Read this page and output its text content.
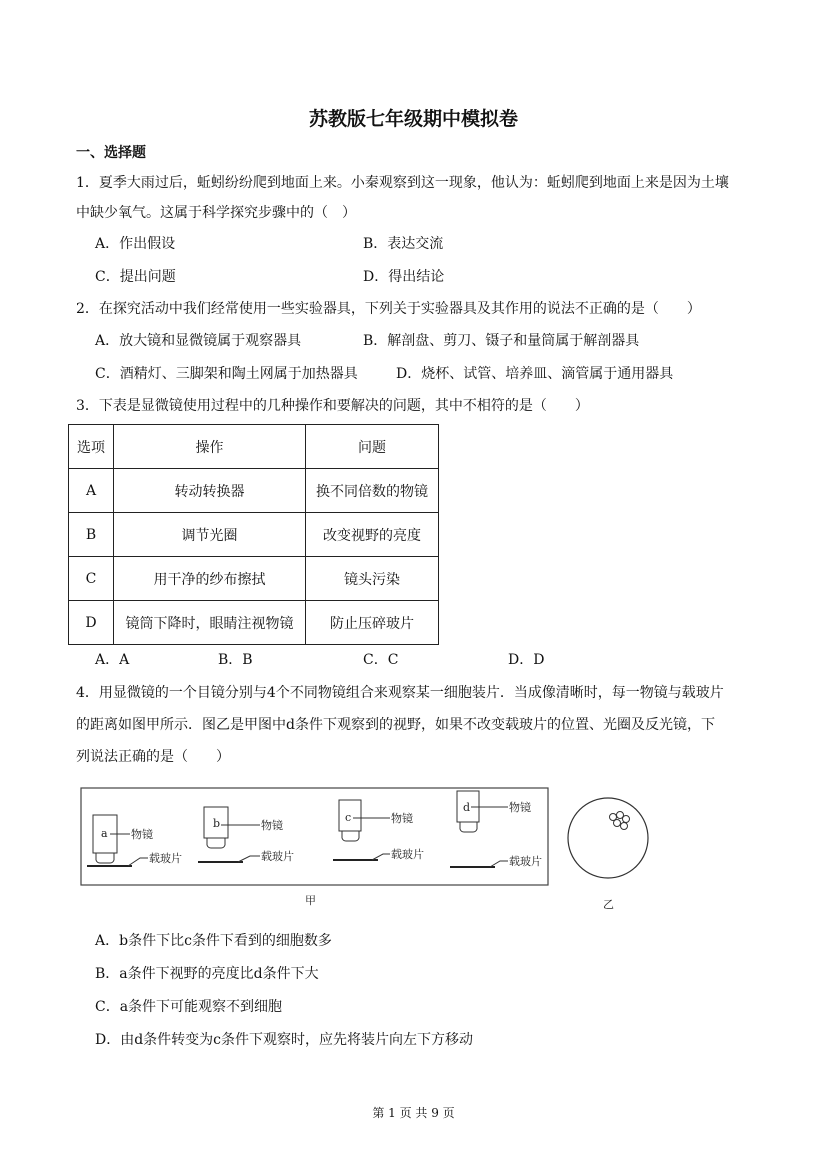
苏教版七年级期中模拟卷
一、选择题
1．夏季大雨过后，蚯蚓纷纷爬到地面上来。小秦观察到这一现象，他认为：蚯蚓爬到地面上来是因为土壤
中缺少氧气。这属于科学探究步骤中的（　）
A．作出假设	B．表达交流
C．提出问题	D．得出结论
2．在探究活动中我们经常使用一些实验器具，下列关于实验器具及其作用的说法不正确的是（　　）
A．放大镜和显微镜属于观察器具	B．解剖盘、剪刀、镊子和量筒属于解剖器具
C．酒精灯、三脚架和陶土网属于加热器具	D．烧杯、试管、培养皿、滴管属于通用器具
3．下表是显微镜使用过程中的几种操作和要解决的问题，其中不相符的是（　　）
选项	操作	问题
A	转动转换器	换不同倍数的物镜
B	调节光圈	改变视野的亮度
C	用干净的纱布擦拭	镜头污染
D	镜筒下降时，眼睛注视物镜	防止压碎玻片
A．A	B．B	C．C	D．D
4．用显微镜的一个目镜分别与4个不同物镜组合来观察某一细胞装片．当成像清晰时，每一物镜与载玻片
的距离如图甲所示．图乙是甲图中d条件下观察到的视野，如果不改变载玻片的位置、光圈及反光镜，下
列说法正确的是（　　）
a 物镜
载玻片
b	物镜
载玻片
c	物镜
载玻片
d	物镜
载玻片
甲	乙
A．b条件下比c条件下看到的细胞数多
B．a条件下视野的亮度比d条件下大
C．a条件下可能观察不到细胞
D．由d条件转变为c条件下观察时，应先将装片向左下方移动
第 1 页 共 9 页
